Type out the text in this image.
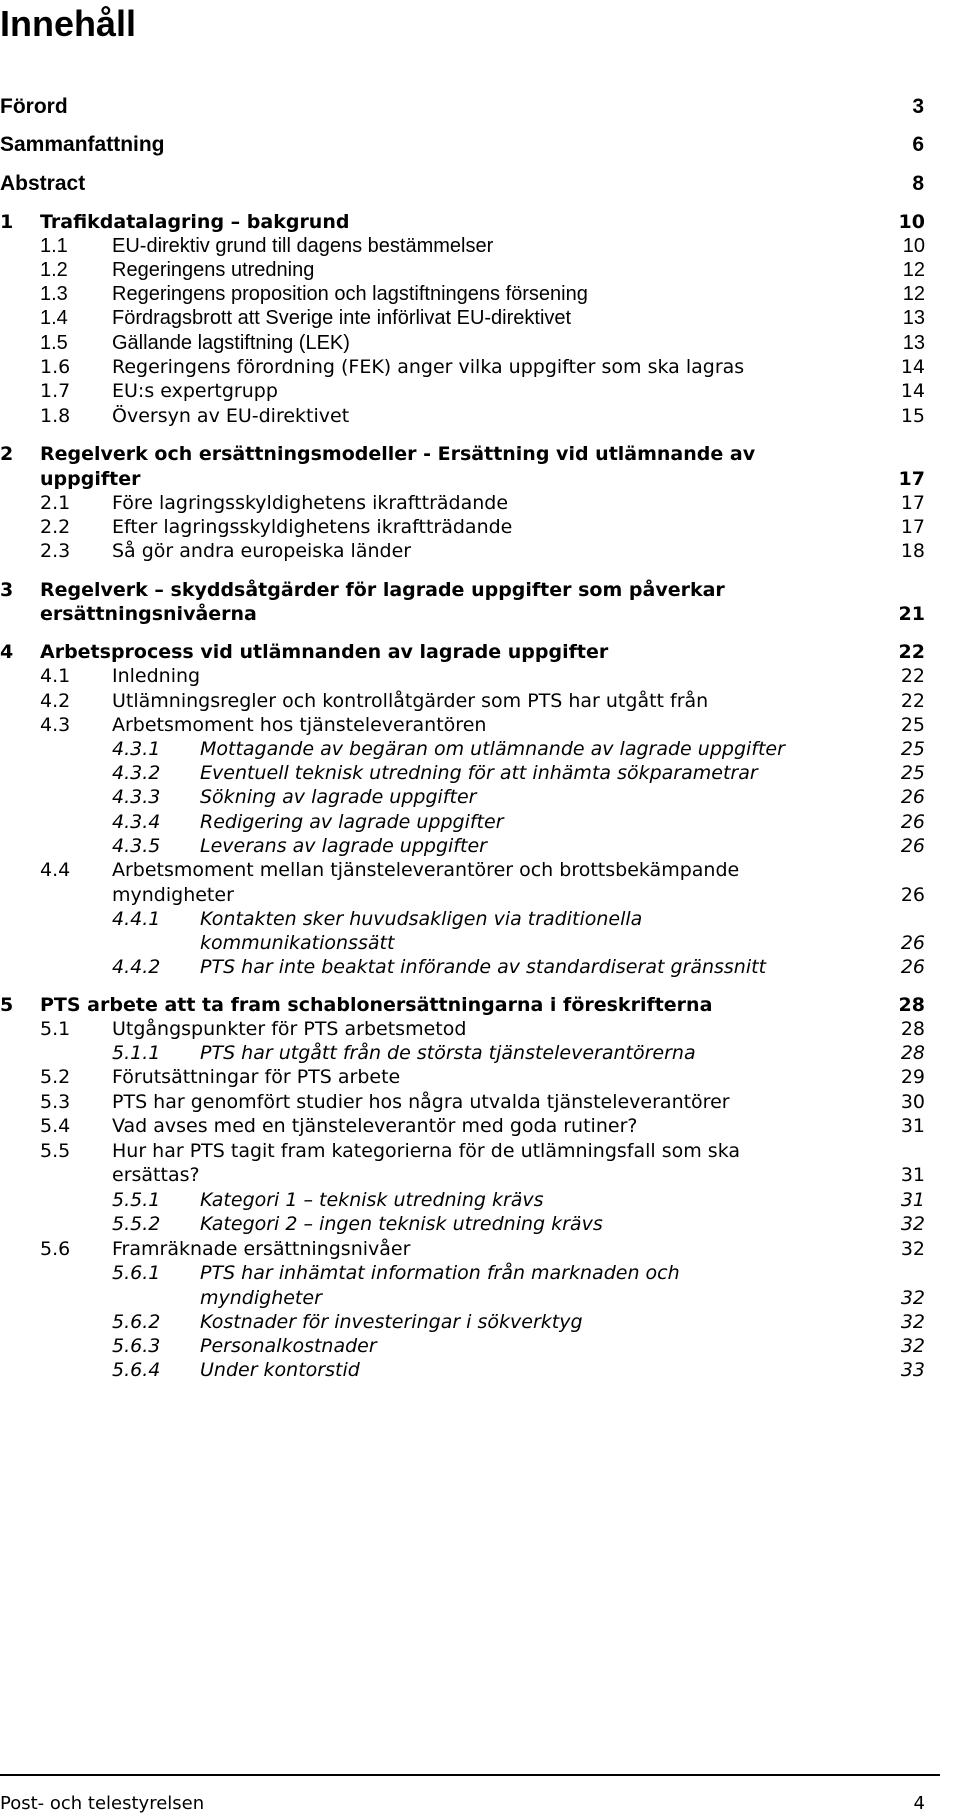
Innehåll
Förord	3
Sammanfattning	6
Abstract	8
1 Trafikdatalagring – bakgrund	10
1.1 EU-direktiv grund till dagens bestämmelser	10
1.2 Regeringens utredning	12
1.3 Regeringens proposition och lagstiftningens försening	12
1.4 Fördragsbrott att Sverige inte införlivat EU-direktivet	13
1.5 Gällande lagstiftning (LEK)	13
1.6 Regeringens förordning (FEK) anger vilka uppgifter som ska lagras	14
1.7 EU:s expertgrupp	14
1.8 Översyn av EU-direktivet	15
2 Regelverk och ersättningsmodeller - Ersättning vid utlämnande av
uppgifter	17
2.1 Före lagringsskyldighetens ikraftträdande	17
2.2 Efter lagringsskyldighetens ikraftträdande	17
2.3 Så gör andra europeiska länder	18
3 Regelverk – skyddsåtgärder för lagrade uppgifter som påverkar
ersättningsnivåerna	21
4 Arbetsprocess vid utlämnanden av lagrade uppgifter	22
4.1 Inledning	22
4.2 Utlämningsregler och kontrollåtgärder som PTS har utgått från	22
4.3 Arbetsmoment hos tjänsteleverantören	25
4.3.1 Mottagande av begäran om utlämnande av lagrade uppgifter	25
4.3.2 Eventuell teknisk utredning för att inhämta sökparametrar	25
4.3.3 Sökning av lagrade uppgifter	26
4.3.4 Redigering av lagrade uppgifter	26
4.3.5 Leverans av lagrade uppgifter	26
4.4 Arbetsmoment mellan tjänsteleverantörer och brottsbekämpande
myndigheter	26
4.4.1 Kontakten sker huvudsakligen via traditionella
kommunikationssätt	26
4.4.2 PTS har inte beaktat införande av standardiserat gränssnitt	26
5 PTS arbete att ta fram schablonersättningarna i föreskrifterna	28
5.1 Utgångspunkter för PTS arbetsmetod	28
5.1.1 PTS har utgått från de största tjänsteleverantörerna	28
5.2 Förutsättningar för PTS arbete	29
5.3 PTS har genomfört studier hos några utvalda tjänsteleverantörer	30
5.4 Vad avses med en tjänsteleverantör med goda rutiner?	31
5.5 Hur har PTS tagit fram kategorierna för de utlämningsfall som ska
ersättas?	31
5.5.1 Kategori 1 – teknisk utredning krävs	31
5.5.2 Kategori 2 – ingen teknisk utredning krävs	32
5.6 Framräknade ersättningsnivåer	32
5.6.1 PTS har inhämtat information från marknaden och
myndigheter	32
5.6.2 Kostnader för investeringar i sökverktyg	32
5.6.3 Personalkostnader	32
5.6.4 Under kontorstid	33
Post- och telestyrelsen	4
